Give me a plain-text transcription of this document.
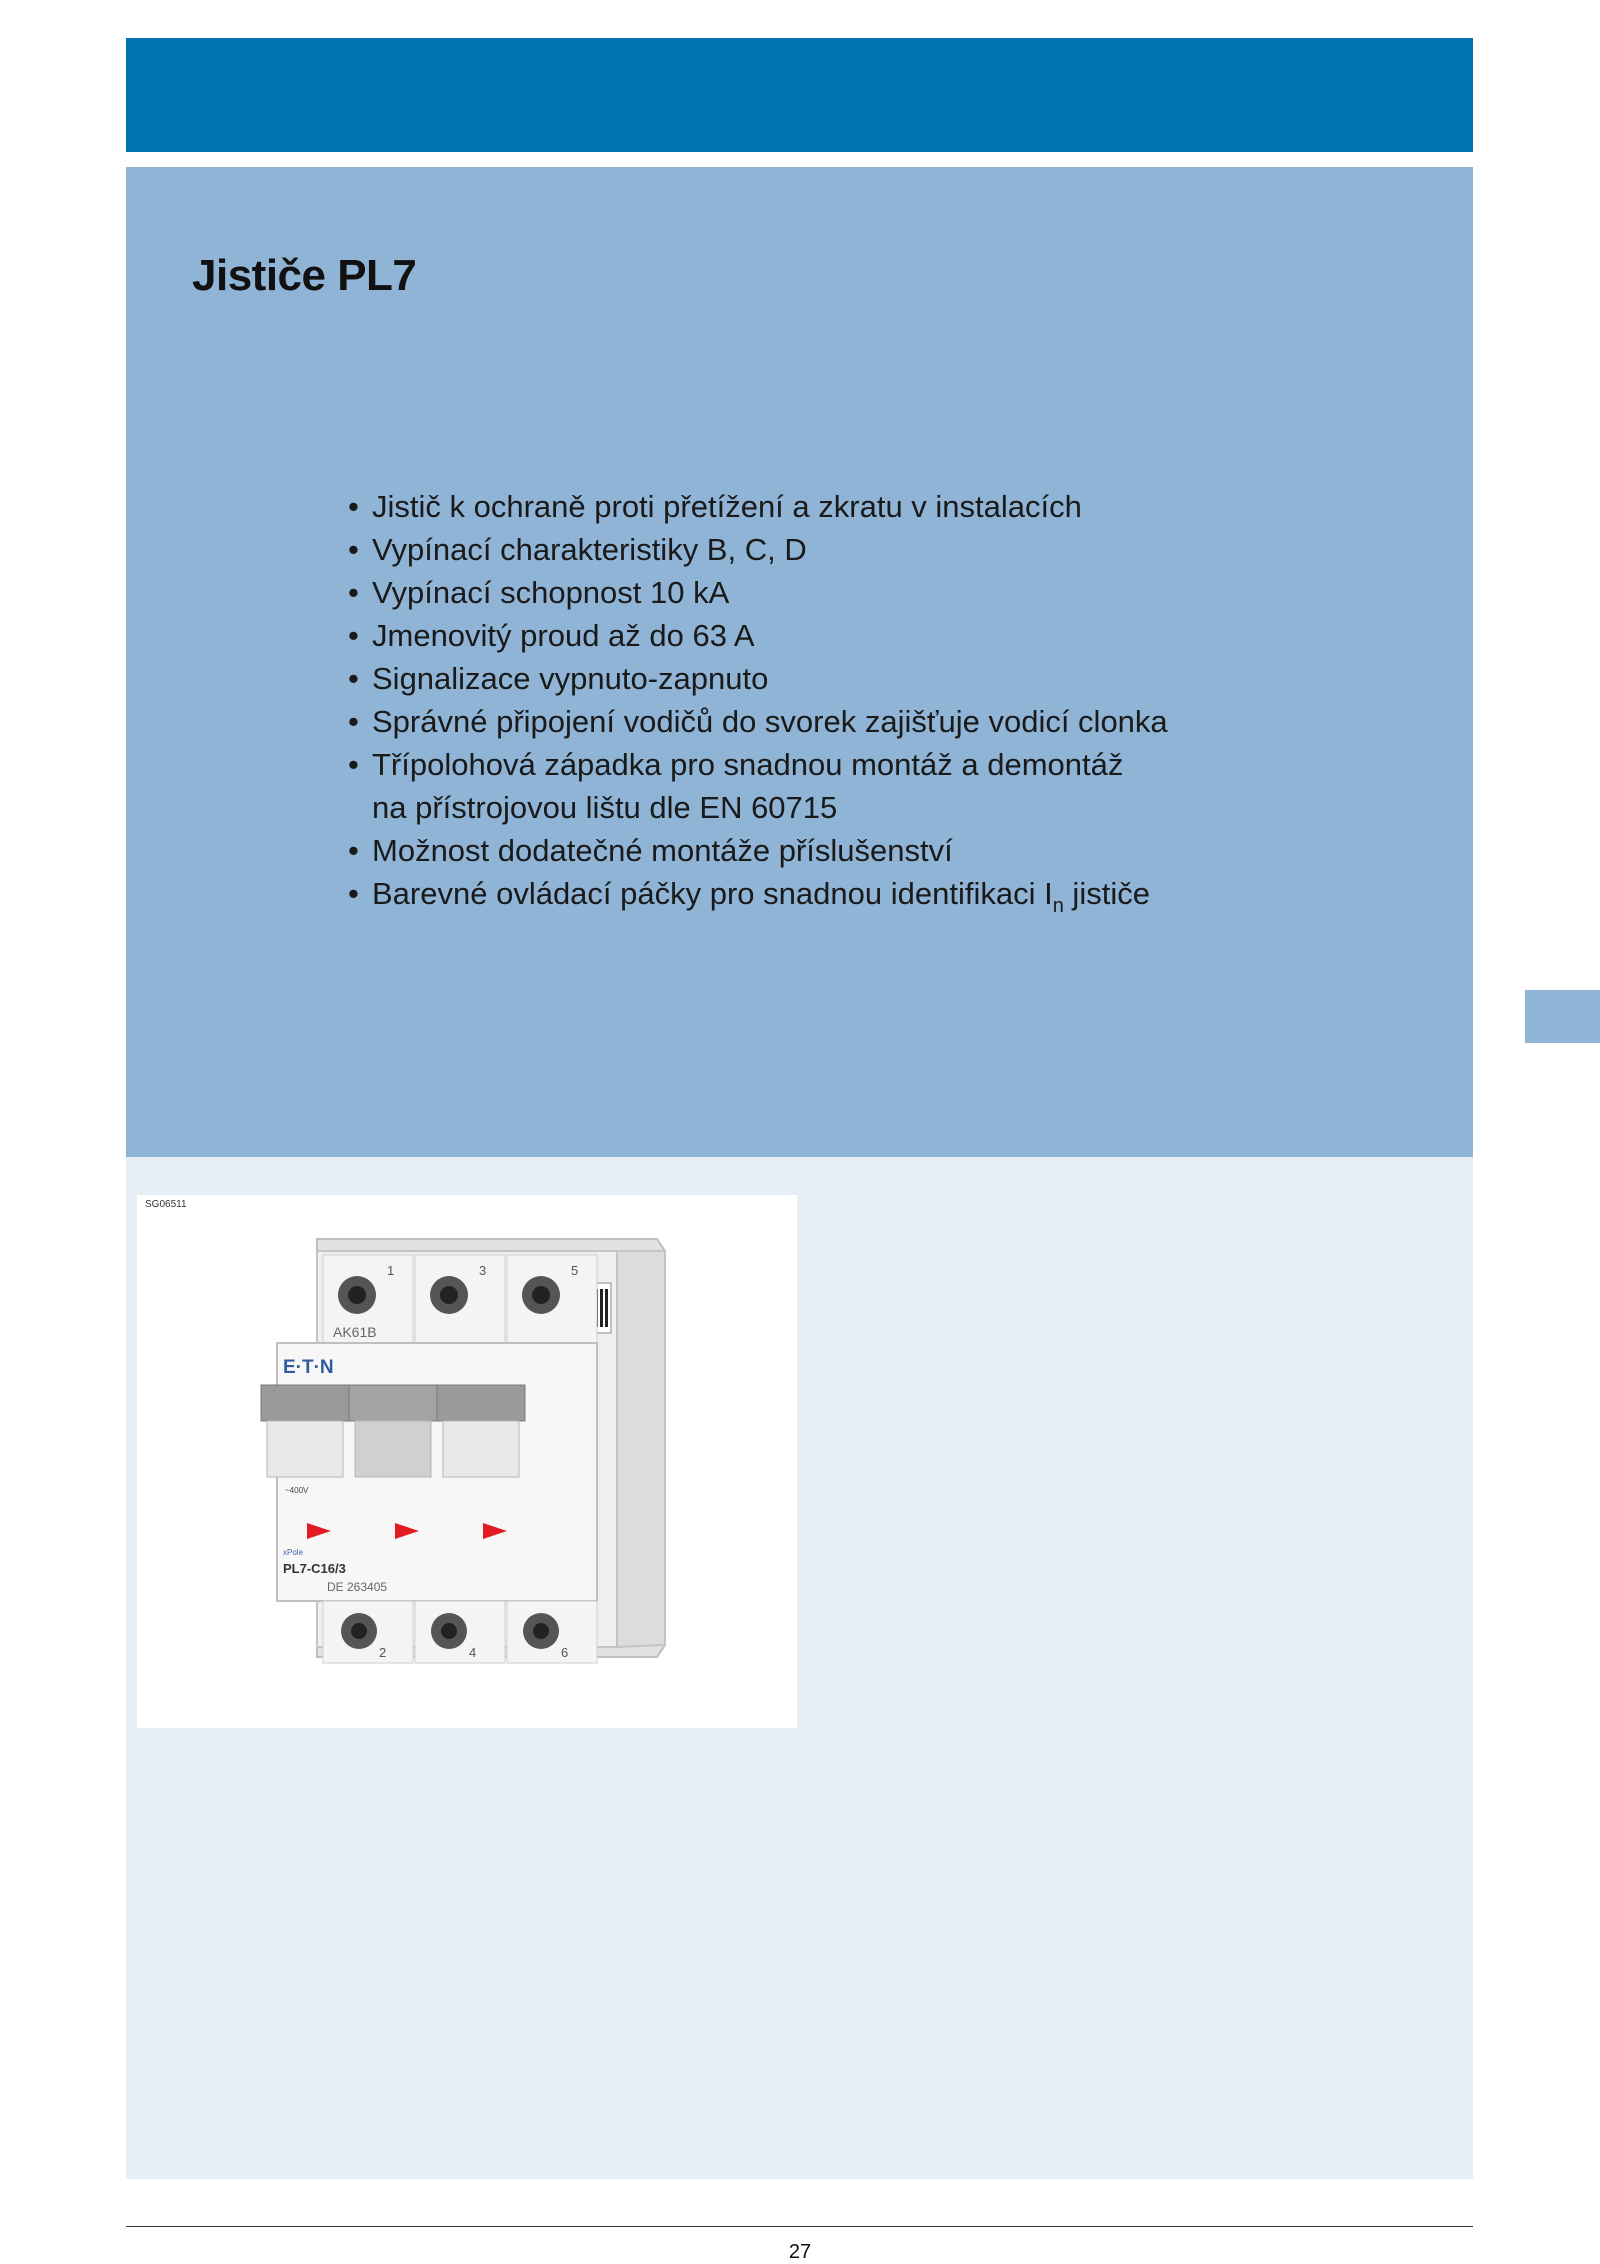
Jističe PL7
• Jistič k ochraně proti přetížení a zkratu v instalacích
• Vypínací charakteristiky B, C, D
• Vypínací schopnost 10 kA
• Jmenovitý proud až do 63 A
• Signalizace vypnuto-zapnuto
• Správné připojení vodičů do svorek zajišťuje vodicí clonka
• Třípolohová západka pro snadnou montáž a demontáž
na přístrojovou lištu dle EN 60715
• Možnost dodatečné montáže příslušenství
• Barevné ovládací páčky pro snadnou identifikaci $I_n$ jističe
SG06511
1	3	5
AK61B
E·T·N
~400V
xPole
PL7-C16/3
DE 263405
2	4	6
27
